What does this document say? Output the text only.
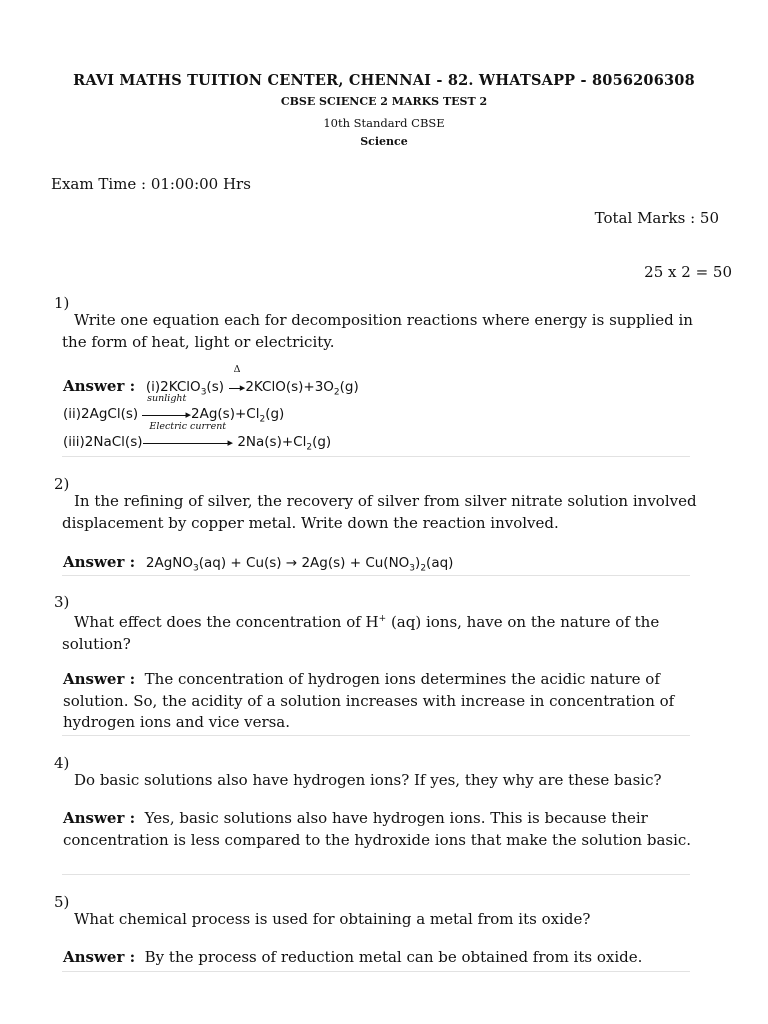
RAVI MATHS TUITION CENTER, CHENNAI - 82. WHATSAPP - 8056206308
CBSE SCIENCE 2 MARKS TEST 2
10th Standard CBSE
Science
Exam Time : 01:00:00 Hrs
Total Marks : 50
25 x 2 = 50
1)
Write one equation each for decomposition reactions where energy is supplied in the form of heat, light or electricity.
Answer : (i)2KClO$_3$(s)
Δ
$▸2KClO(s)+3O_2(g)$
(ii)2AgCl(s)
sunlight
$▸2Ag(s)+Cl_2(g)$
(iii)2NaCl(s)
Electric current
▸ $2Na(s)+Cl_2(g)$
2)
In the refining of silver, the recovery of silver from silver nitrate solution involved displacement by copper metal. Write down the reaction involved.
Answer : 2AgNO$_3$(aq) + $Cu(s) \to 2Ag(s) + Cu(NO_3)_2(aq)$
3)
What effect does the concentration of H+ (aq) ions, have on the nature of the solution?
Answer : The concentration of hydrogen ions determines the acidic nature of solution. So, the acidity of a solution increases with increase in concentration of hydrogen ions and vice versa.
4)
Do basic solutions also have hydrogen ions? If yes, they why are these basic?
Answer : Yes, basic solutions also have hydrogen ions. This is because their concentration is less compared to the hydroxide ions that make the solution basic.
5)
What chemical process is used for obtaining a metal from its oxide?
Answer : By the process of reduction metal can be obtained from its oxide.
